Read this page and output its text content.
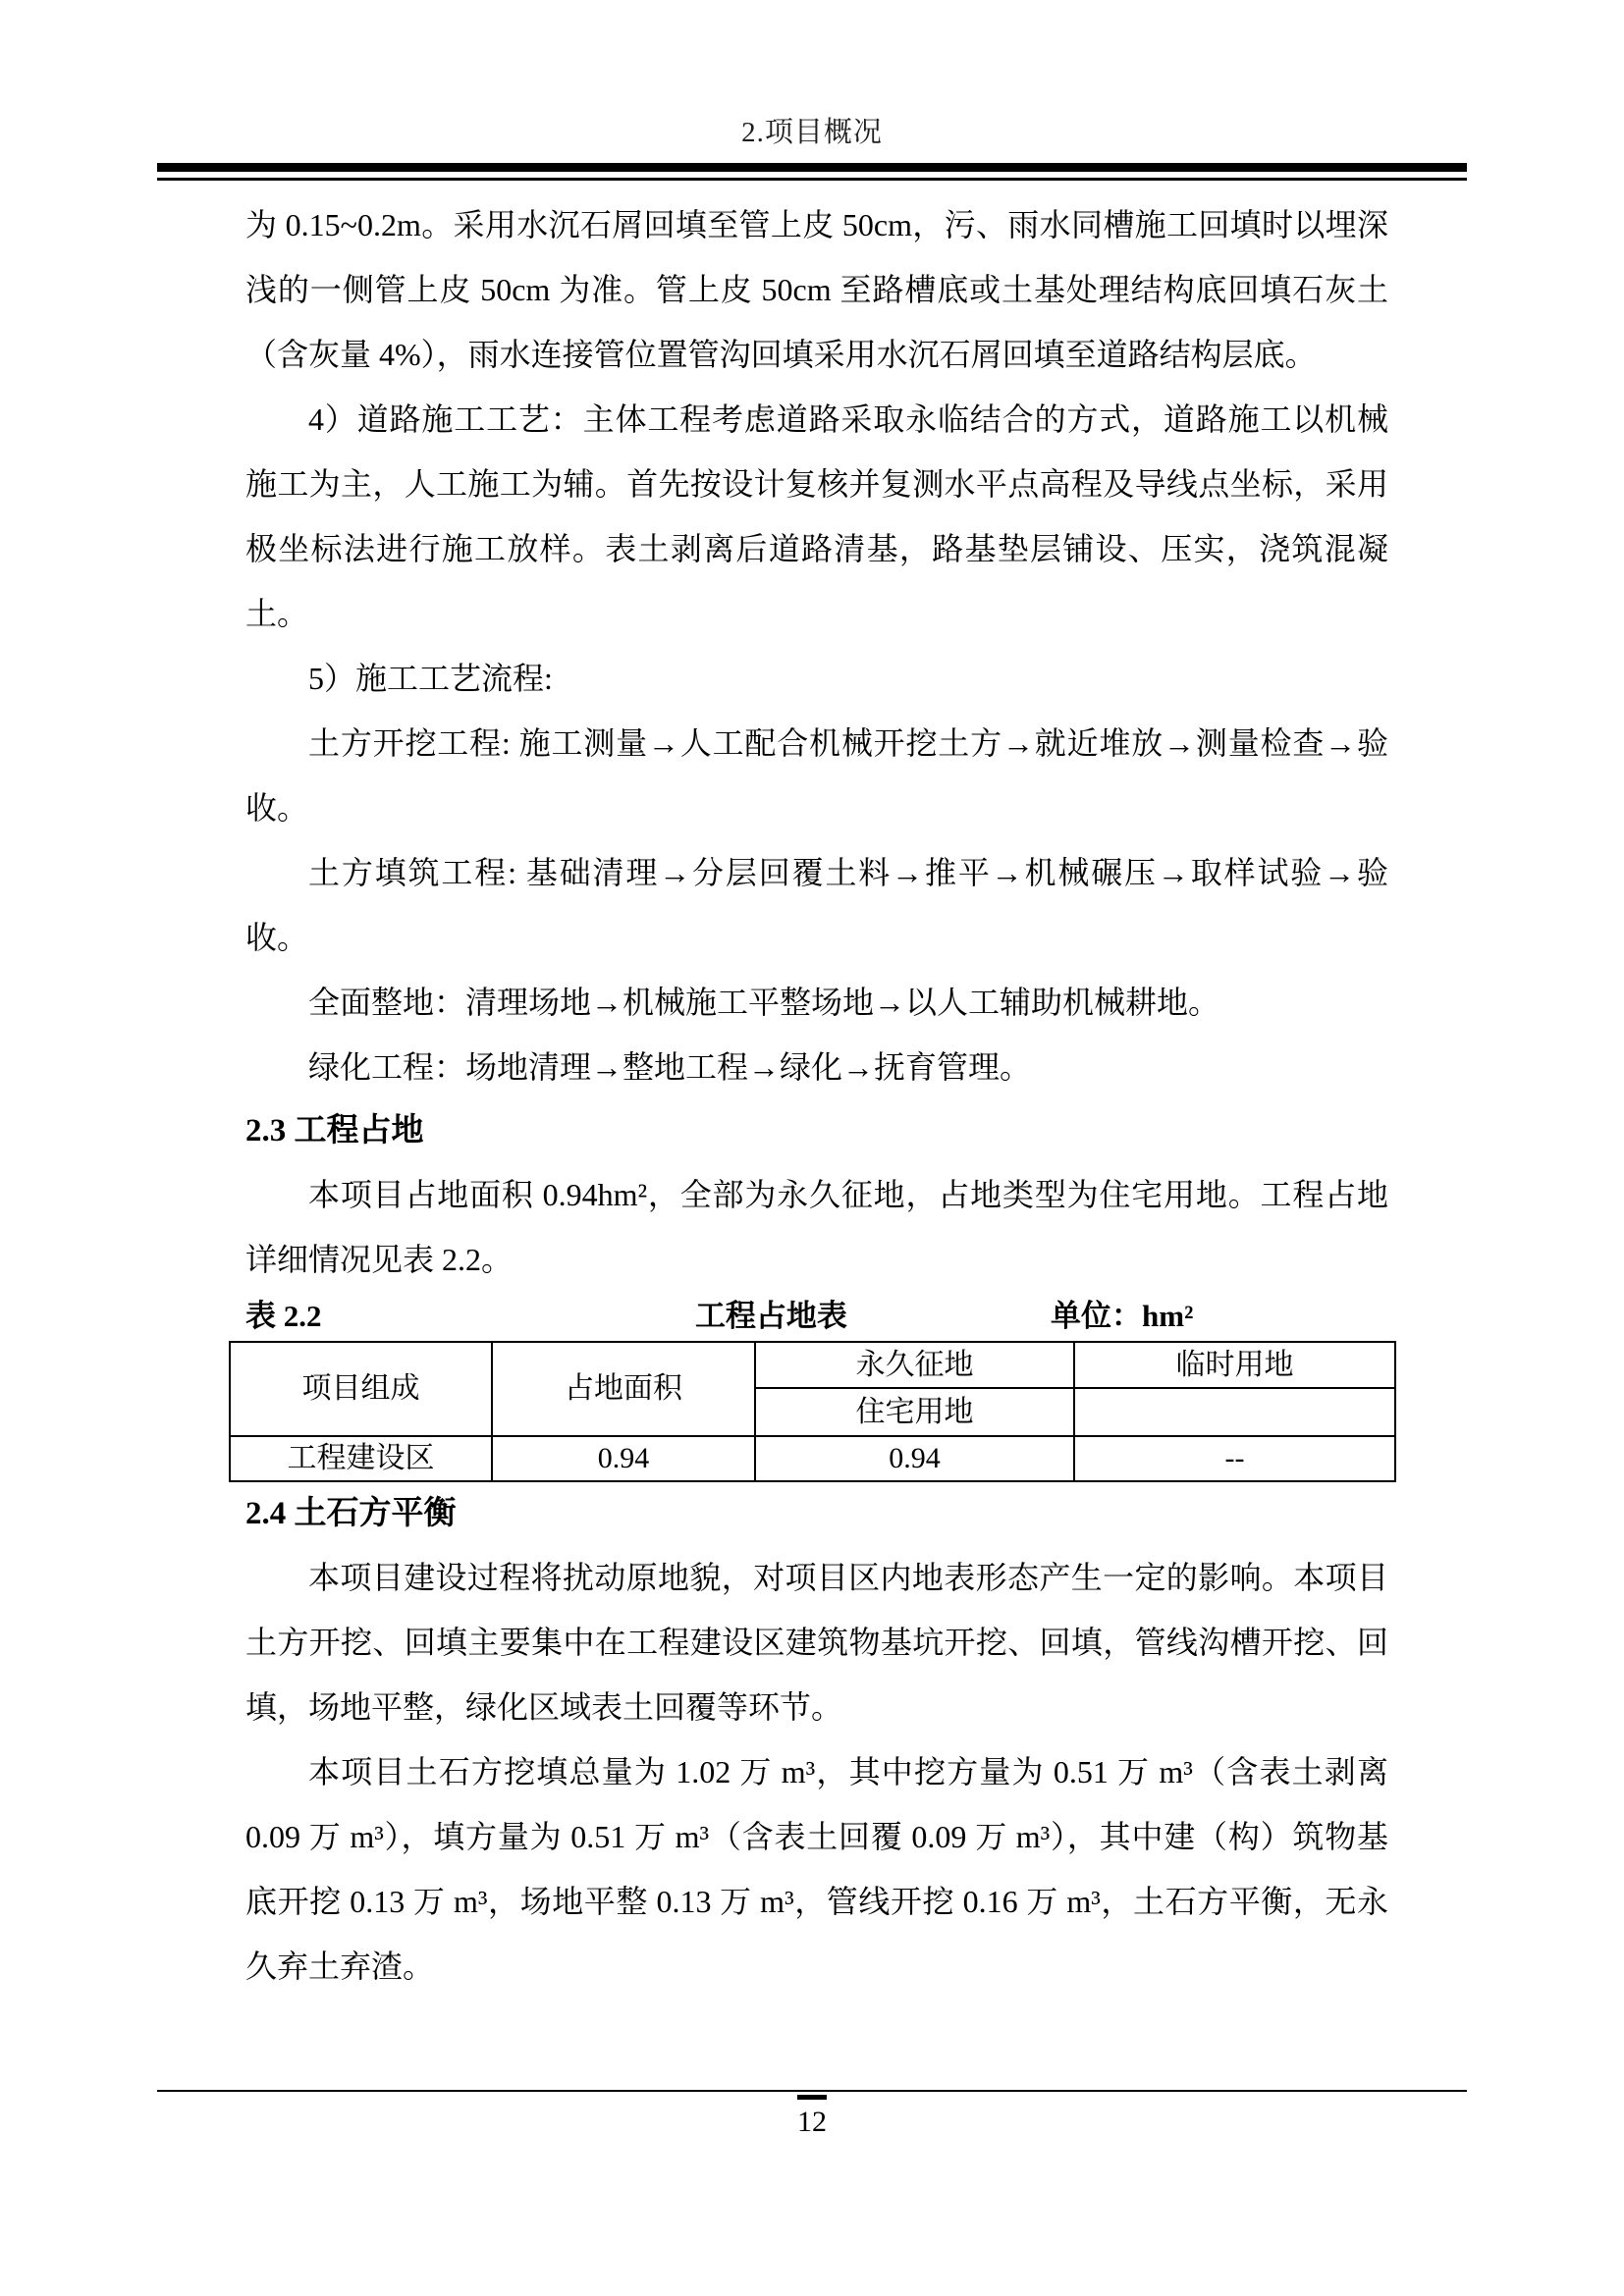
2.项目概况

为 0.15~0.2m。采用水沉石屑回填至管上皮 50cm，污、雨水同槽施工回填时以埋深浅的一侧管上皮 50cm 为准。管上皮 50cm 至路槽底或土基处理结构底回填石灰土（含灰量 4%），雨水连接管位置管沟回填采用水沉石屑回填至道路结构层底。

4）道路施工工艺：主体工程考虑道路采取永临结合的方式，道路施工以机械施工为主，人工施工为辅。首先按设计复核并复测水平点高程及导线点坐标，采用极坐标法进行施工放样。表土剥离后道路清基，路基垫层铺设、压实，浇筑混凝土。

5）施工工艺流程:

土方开挖工程: 施工测量→人工配合机械开挖土方→就近堆放→测量检查→验收。

土方填筑工程: 基础清理→分层回覆土料→推平→机械碾压→取样试验→验收。

全面整地：清理场地→机械施工平整场地→以人工辅助机械耕地。

绿化工程：场地清理→整地工程→绿化→抚育管理。

2.3 工程占地

本项目占地面积 0.94hm²，全部为永久征地，占地类型为住宅用地。工程占地详细情况见表 2.2。

表 2.2	工程占地表	单位：hm²
项目组成	占地面积	永久征地	临时用地
		住宅用地	
工程建设区	0.94	0.94	--
2.4 土石方平衡

本项目建设过程将扰动原地貌，对项目区内地表形态产生一定的影响。本项目土方开挖、回填主要集中在工程建设区建筑物基坑开挖、回填，管线沟槽开挖、回填，场地平整，绿化区域表土回覆等环节。

本项目土石方挖填总量为 1.02 万 m³，其中挖方量为 0.51 万 m³（含表土剥离 0.09 万 m³），填方量为 0.51 万 m³（含表土回覆 0.09 万 m³），其中建（构）筑物基底开挖 0.13 万 m³，场地平整 0.13 万 m³，管线开挖 0.16 万 m³，土石方平衡，无永久弃土弃渣。

12
